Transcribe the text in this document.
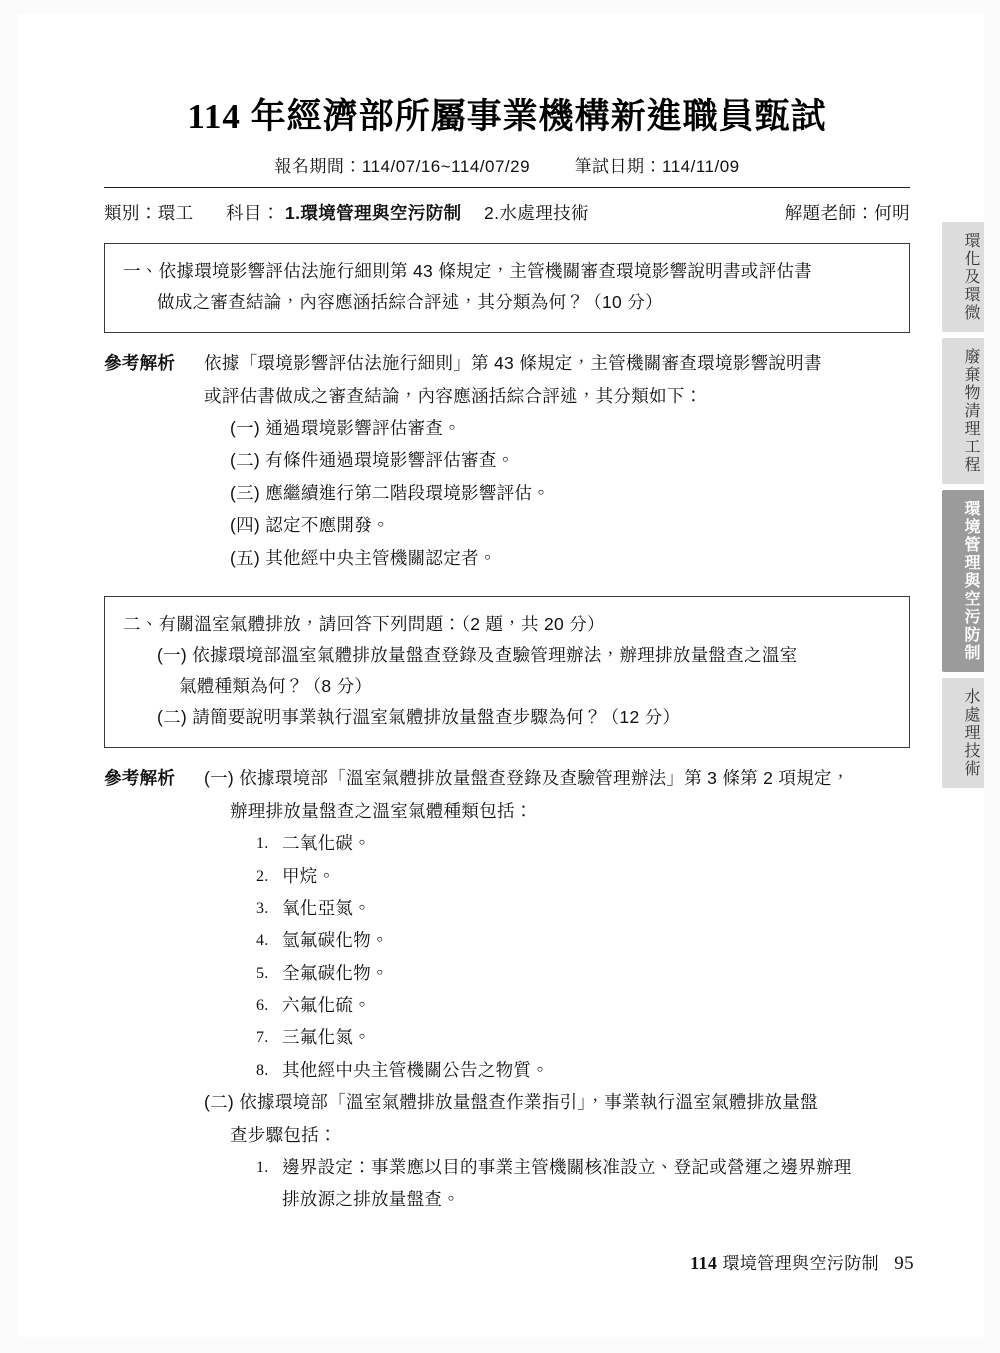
114 年經濟部所屬事業機構新進職員甄試
報名期間：114/07/16~114/07/29	筆試日期：114/11/09
類別：環工 科目： 1.環境管理與空污防制 2.水處理技術	解題老師：何明
一、依據環境影響評估法施行細則第 43 條規定，主管機關審查環境影響說明書或評估書
做成之審查結論，內容應涵括綜合評述，其分類為何？（10 分）
參考解析	依據「環境影響評估法施行細則」第 43 條規定，主管機關審查環境影響說明書
或評估書做成之審查結論，內容應涵括綜合評述，其分類如下：
(一) 通過環境影響評估審查。
(二) 有條件通過環境影響評估審查。
(三) 應繼續進行第二階段環境影響評估。
(四) 認定不應開發。
(五) 其他經中央主管機關認定者。
二、有關溫室氣體排放，請回答下列問題：（2 題，共 20 分）
(一) 依據環境部溫室氣體排放量盤查登錄及查驗管理辦法，辦理排放量盤查之溫室
氣體種類為何？（8 分）
(二) 請簡要說明事業執行溫室氣體排放量盤查步驟為何？（12 分）
參考解析	(一) 依據環境部「溫室氣體排放量盤查登錄及查驗管理辦法」第 3 條第 2 項規定，
辦理排放量盤查之溫室氣體種類包括：
1. 二氧化碳。
2. 甲烷。
3. 氧化亞氮。
4. 氫氟碳化物。
5. 全氟碳化物。
6. 六氟化硫。
7. 三氟化氮。
8. 其他經中央主管機關公告之物質。
(二) 依據環境部「溫室氣體排放量盤查作業指引」，事業執行溫室氣體排放量盤
查步驟包括：
1. 邊界設定：事業應以目的事業主管機關核准設立、登記或營運之邊界辦理
排放源之排放量盤查。
114 環境管理與空污防制 95
環化及環微
廢棄物清理工程
環境管理與空污防制
水處理技術
